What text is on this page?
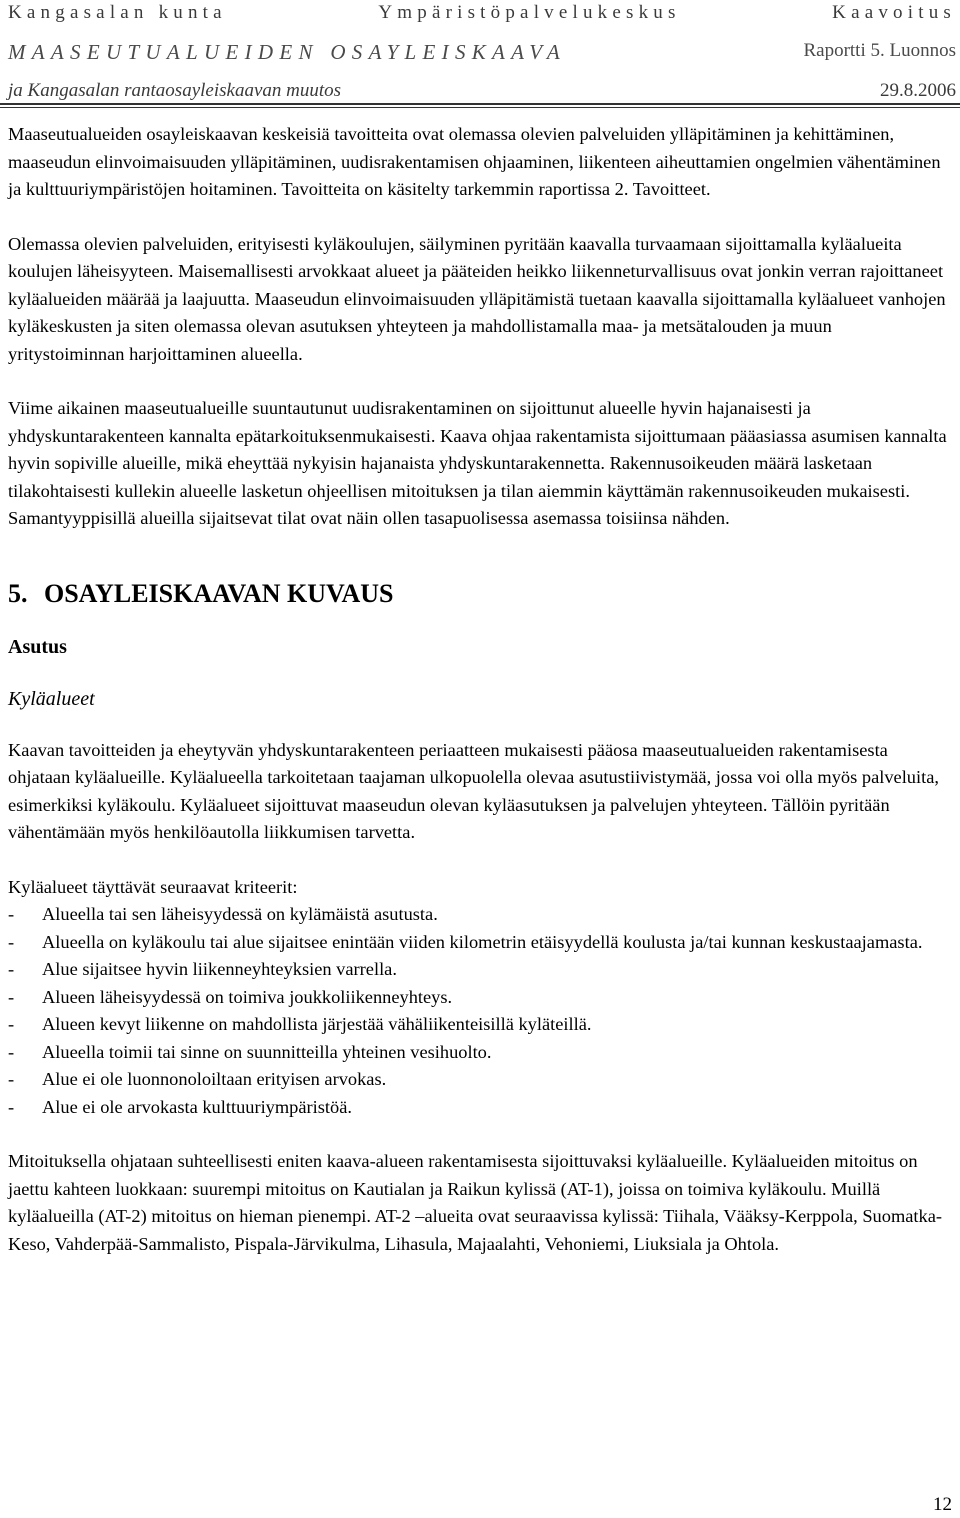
Kangasalan kunta	Ympäristöpalvelukeskus	Kaavoitus
MAASEUTUALUEIDEN OSAYLEISKAAVA	Raportti 5. Luonnos
ja Kangasalan rantaosayleiskaavan muutos	29.8.2006

Maaseutualueiden osayleiskaavan keskeisiä tavoitteita ovat olemassa olevien palveluiden ylläpitäminen ja kehittäminen, maaseudun elinvoimaisuuden ylläpitäminen, uudisrakentamisen ohjaaminen, liikenteen aiheuttamien ongelmien vähentäminen ja kulttuuriympäristöjen hoitaminen. Tavoitteita on käsitelty tarkemmin raportissa 2. Tavoitteet.

Olemassa olevien palveluiden, erityisesti kyläkoulujen, säilyminen pyritään kaavalla turvaamaan sijoittamalla kyläalueita koulujen läheisyyteen. Maisemallisesti arvokkaat alueet ja pääteiden heikko liikenneturvallisuus ovat jonkin verran rajoittaneet kyläalueiden määrää ja laajuutta. Maaseudun elinvoimaisuuden ylläpitämistä tuetaan kaavalla sijoittamalla kyläalueet vanhojen kyläkeskusten ja siten olemassa olevan asutuksen yhteyteen ja mahdollistamalla maa- ja metsätalouden ja muun yritystoiminnan harjoittaminen alueella.

Viime aikainen maaseutualueille suuntautunut uudisrakentaminen on sijoittunut alueelle hyvin hajanaisesti ja yhdyskuntarakenteen kannalta epätarkoituksenmukaisesti. Kaava ohjaa rakentamista sijoittumaan pääasiassa asumisen kannalta hyvin sopiville alueille, mikä eheyttää nykyisin hajanaista yhdyskuntarakennetta. Rakennusoikeuden määrä lasketaan tilakohtaisesti kullekin alueelle lasketun ohjeellisen mitoituksen ja tilan aiemmin käyttämän rakennusoikeuden mukaisesti. Samantyyppisillä alueilla sijaitsevat tilat ovat näin ollen tasapuolisessa asemassa toisiinsa nähden.

5. OSAYLEISKAAVAN KUVAUS
Asutus
Kyläalueet

Kaavan tavoitteiden ja eheytyvän yhdyskuntarakenteen periaatteen mukaisesti pääosa maaseutualueiden rakentamisesta ohjataan kyläalueille. Kyläalueella tarkoitetaan taajaman ulkopuolella olevaa asutustiivistymää, jossa voi olla myös palveluita, esimerkiksi kyläkoulu. Kyläalueet sijoittuvat maaseudun olevan kyläasutuksen ja palvelujen yhteyteen. Tällöin pyritään vähentämään myös henkilöautolla liikkumisen tarvetta.

Kyläalueet täyttävät seuraavat kriteerit:

- Alueella tai sen läheisyydessä on kylämäistä asutusta.
- Alueella on kyläkoulu tai alue sijaitsee enintään viiden kilometrin etäisyydellä koulusta ja/tai kunnan keskustaajamasta.
- Alue sijaitsee hyvin liikenneyhteyksien varrella.
- Alueen läheisyydessä on toimiva joukkoliikenneyhteys.
- Alueen kevyt liikenne on mahdollista järjestää vähäliikenteisillä kyläteillä.
- Alueella toimii tai sinne on suunnitteilla yhteinen vesihuolto.
- Alue ei ole luonnonoloiltaan erityisen arvokas.
- Alue ei ole arvokasta kulttuuriympäristöä.

Mitoituksella ohjataan suhteellisesti eniten kaava-alueen rakentamisesta sijoittuvaksi kyläalueille. Kyläalueiden mitoitus on jaettu kahteen luokkaan: suurempi mitoitus on Kautialan ja Raikun kylissä (AT-1), joissa on toimiva kyläkoulu. Muillä kyläalueilla (AT-2) mitoitus on hieman pienempi. AT-2 –alueita ovat seuraavissa kylissä: Tiihala, Vääksy-Kerppola, Suomatka-Keso, Vahderpää-Sammalisto, Pispala-Järvikulma, Lihasula, Majaalahti, Vehoniemi, Liuksiala ja Ohtola.

12
